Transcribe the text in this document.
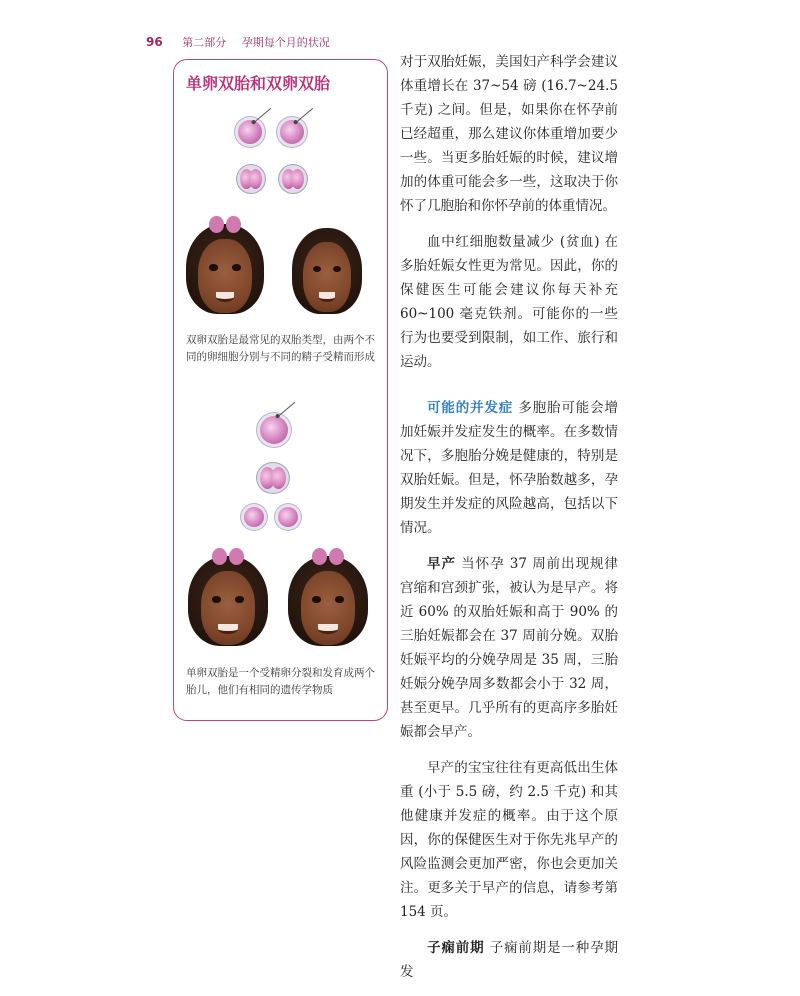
96 第二部分 孕期每个月的状况
单卵双胎和双卵双胎
双卵双胎是最常见的双胎类型，由两个不同的卵细胞分别与不同的精子受精而形成
单卵双胎是一个受精卵分裂和发育成两个胎儿，他们有相同的遗传学物质

对于双胎妊娠，美国妇产科学会建议体重增长在 37~54 磅 (16.7~24.5 千克) 之间。但是，如果你在怀孕前已经超重，那么建议你体重增加要少一些。当更多胎妊娠的时候，建议增加的体重可能会多一些，这取决于你怀了几胞胎和你怀孕前的体重情况。

血中红细胞数量减少 (贫血) 在多胎妊娠女性更为常见。因此，你的保健医生可能会建议你每天补充 60~100 毫克铁剂。可能你的一些行为也要受到限制，如工作、旅行和运动。

可能的并发症 多胞胎可能会增加妊娠并发症发生的概率。在多数情况下，多胞胎分娩是健康的，特别是双胎妊娠。但是，怀孕胎数越多，孕期发生并发症的风险越高，包括以下情况。

早产 当怀孕 37 周前出现规律宫缩和宫颈扩张，被认为是早产。将近 60% 的双胎妊娠和高于 90% 的三胎妊娠都会在 37 周前分娩。双胎妊娠平均的分娩孕周是 35 周，三胎妊娠分娩孕周多数都会小于 32 周，甚至更早。几乎所有的更高序多胎妊娠都会早产。

早产的宝宝往往有更高低出生体重 (小于 5.5 磅，约 2.5 千克) 和其他健康并发症的概率。由于这个原因，你的保健医生对于你先兆早产的风险监测会更加严密，你也会更加关注。更多关于早产的信息，请参考第 154 页。

子痫前期 子痫前期是一种孕期发
